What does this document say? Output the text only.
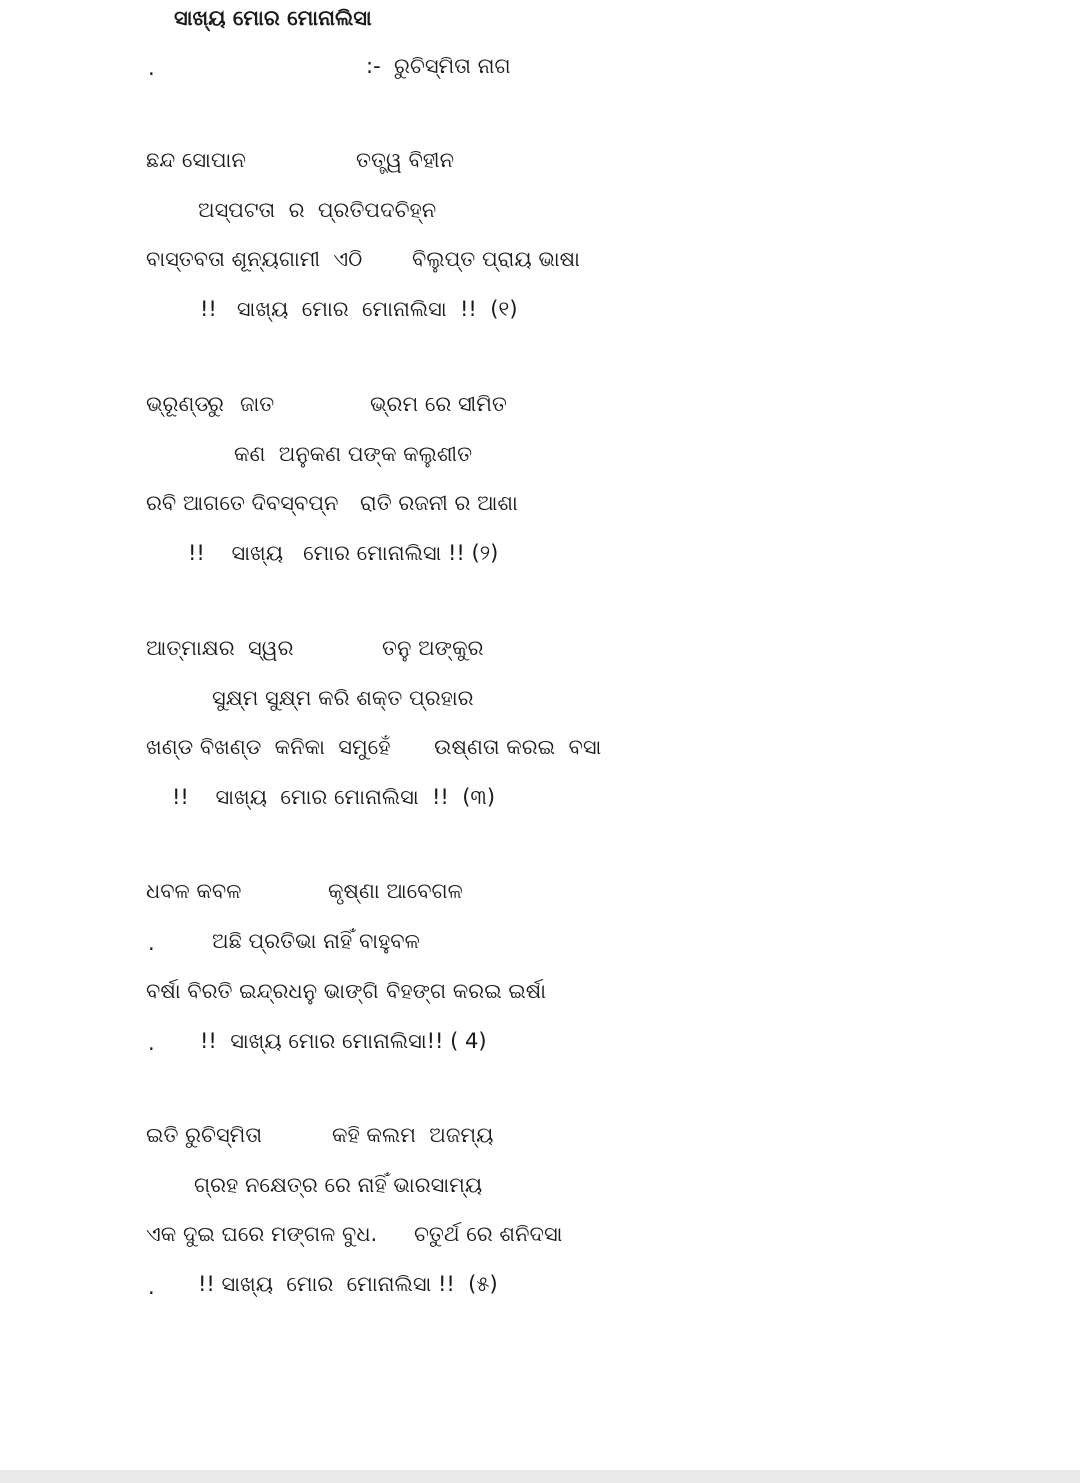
ସାଖ୍ୟ ମୋର ମୋନାଲିସା
.	:-  ରୁଚିସ୍ମିତା ନାଗ

ଛନ୍ଦ ସୋପାନ

	ତତ୍ତ୍ୱ ବିହୀନ

ଅସ୍ପଟତା  ର  ପ୍ରତିପଦଚିହ୍ନ

ବାସ୍ତବତା ଶୂନ୍ୟଗାମୀ  ଏଠି

ବିଲୁପ୍ତ ପ୍ରାୟ ଭାଷା

!!   ସାଖ୍ୟ  ମୋର  ମୋନାଲିସା  !!  (୧)

ଭ୍ରୂଣ୍ଡ

ରୁ

ଜାତ

	ଭ୍ରମ ରେ ସୀମିତ

କଣ  ଅନୁକଣ ପଙ୍କ କଲୁଶୀତ

ରବି ଆଗତେ ଦିବସ୍ବପ୍ନ

ରାତି ରଜନୀ ର ଆଶା

!!    ସାଖ୍ୟ   ମୋର ମୋନାଲିସା !! (୨)

ଆତ୍ମାକ୍ଷର  ସ୍ୱର

	ତନୁ ଅଙ୍କୁର

ସୁକ୍ଷ୍ମ ସୁକ୍ଷ୍ମ କରି ଶକ୍ତ ପ୍ରହାର

ଖଣ୍ଡ ବିଖଣ୍ଡ  କନିକା  ସମୁହେଁ

ଉଷ୍ଣତା କରଇ  ବସା

!!    ସାଖ୍ୟ  ମୋର ମୋନାଲିସା  !!  (୩)

ଧବଳ କବଳ

	କୃଷ୍ଣା ଆବେଗଳ

.	ଅଛି ପ୍ରତିଭା ନାହିଁ ବାହୁବଳ

ବର୍ଷା ବିରତି ଇନ୍ଦ୍ରଧନୁ ଭାଙ୍ଗି

ବିହଙ୍ଗ କରଇ ଇର୍ଷା

. !!  ସାଖ୍ୟ ମୋର ମୋନାଲିସା!! ( 4)

ଇତି ରୁଚିସ୍ମିତା

	କହି କଲମ  ଅଜମ୍ୟ

ଗ୍ରହ ନକ୍ଷେତ୍ର ରେ ନାହିଁ ଭାରସାମ୍ୟ

ଏକ ଦୁଇ ଘରେ ମଙ୍ଗଳ ବୁଧ.

ଚତୁର୍ଥ ରେ ଶନିଦସା

. !! ସାଖ୍ୟ  ମୋର  ମୋନାଲିସା !!  (୫)
